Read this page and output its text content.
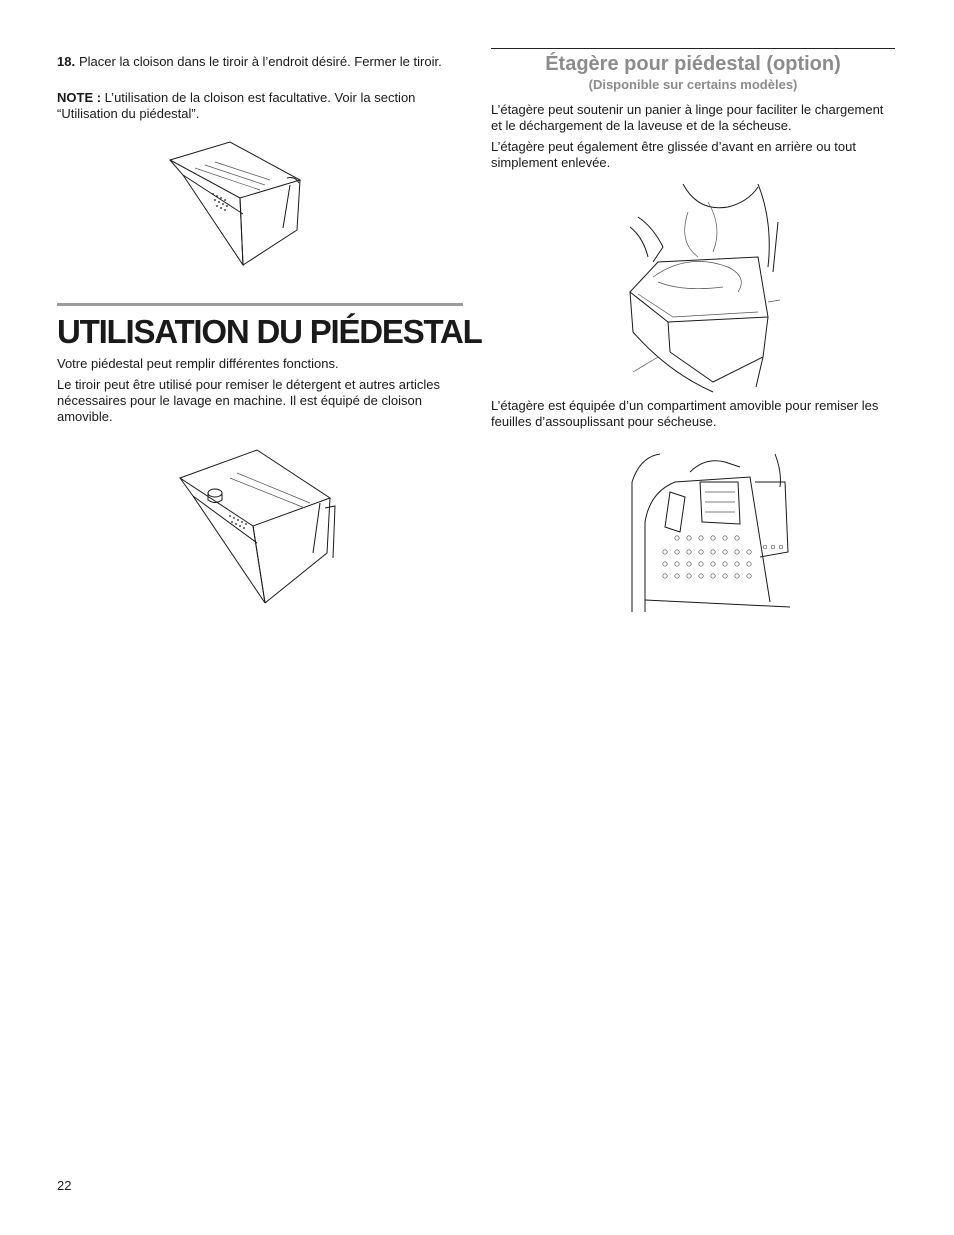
18. Placer la cloison dans le tiroir à l’endroit désiré. Fermer le tiroir.

NOTE : L’utilisation de la cloison est facultative. Voir la section “Utilisation du piédestal”.

UTILISATION DU PIÉDESTAL

Votre piédestal peut remplir différentes fonctions.

Le tiroir peut être utilisé pour remiser le détergent et autres articles nécessaires pour le lavage en machine. Il est équipé de cloison amovible.

Étagère pour piédestal (option)
(Disponible sur certains modèles)

L’étagère peut soutenir un panier à linge pour faciliter le chargement et le déchargement de la laveuse et de la sécheuse.

L’étagère peut également être glissée d’avant en arrière ou tout simplement enlevée.

L’étagère est équipée d’un compartiment amovible pour remiser les feuilles d’assouplissant pour sécheuse.

22
